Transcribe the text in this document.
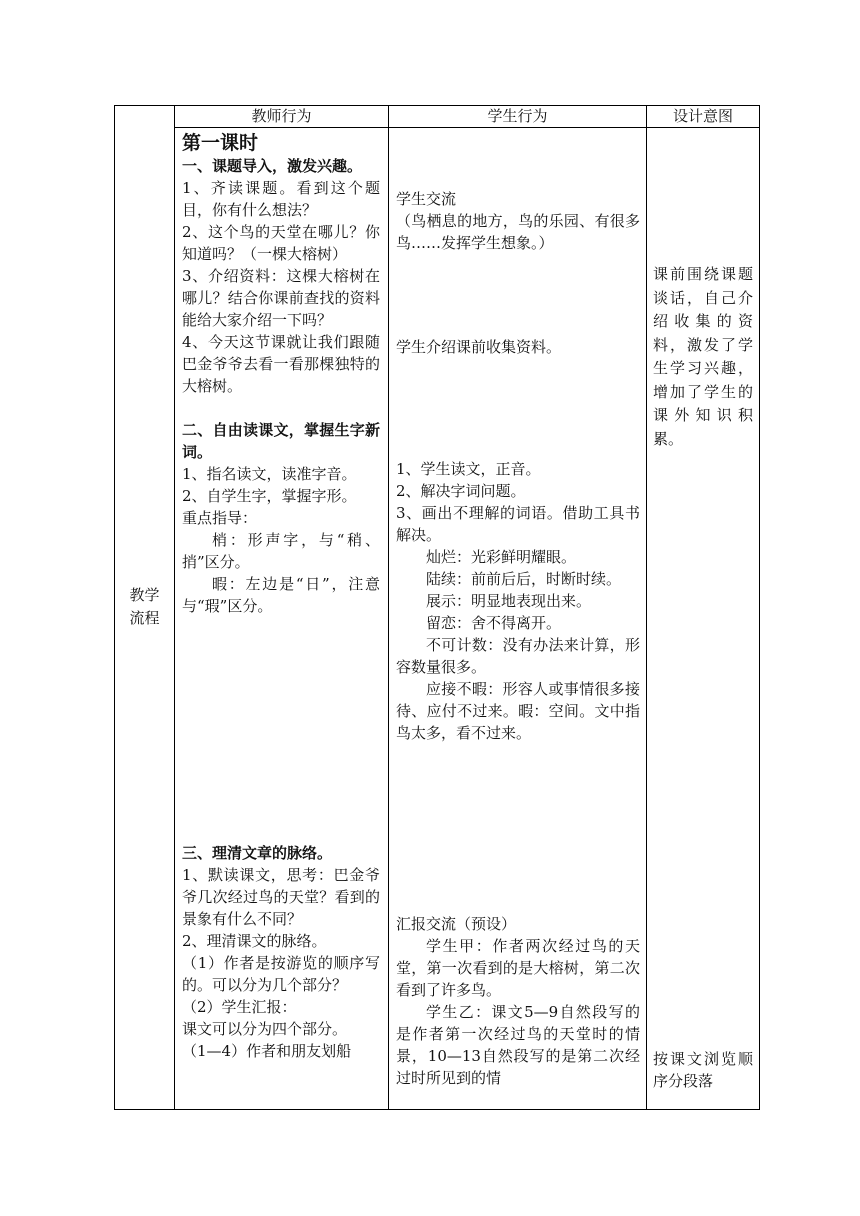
教师行为	学生行为	设计意图
教学
流程

第一课时

一、课题导入，激发兴趣。

1、齐读课题。看到这个题目，你有什么想法？

2、这个鸟的天堂在哪儿？你知道吗？（一棵大榕树）

3、介绍资料：这棵大榕树在哪儿？结合你课前查找的资料能给大家介绍一下吗？

4、今天这节课就让我们跟随巴金爷爷去看一看那棵独特的大榕树。

二、自由读课文，掌握生字新词。

1、指名读文，读准字音。

2、自学生字，掌握字形。

重点指导：

梢：形声字，与“稍、捎”区分。

暇：左边是“日”，注意与“瑕”区分。

三、理清文章的脉络。

1、默读课文，思考：巴金爷爷几次经过鸟的天堂？看到的景象有什么不同？

2、理清课文的脉络。

（1）作者是按游览的顺序写的。可以分为几个部分？

（2）学生汇报：

课文可以分为四个部分。

（1—4）作者和朋友划船

学生交流

（鸟栖息的地方，鸟的乐园、有很多鸟……发挥学生想象。）

学生介绍课前收集资料。

1、学生读文，正音。

2、解决字词问题。

3、画出不理解的词语。借助工具书解决。

灿烂：光彩鲜明耀眼。

陆续：前前后后，时断时续。

展示：明显地表现出来。

留恋：舍不得离开。

不可计数：没有办法来计算，形容数量很多。

应接不暇：形容人或事情很多接待、应付不过来。暇：空间。文中指鸟太多，看不过来。

汇报交流（预设）

学生甲：作者两次经过鸟的天堂，第一次看到的是大榕树，第二次看到了许多鸟。

学生乙：课文5—9自然段写的是作者第一次经过鸟的天堂时的情景，10—13自然段写的是第二次经过时所见到的情

课前围绕课题谈话，自己介绍收集的资料，激发了学生学习兴趣，增加了学生的课外知识积累。
按课文浏览顺序分段落
